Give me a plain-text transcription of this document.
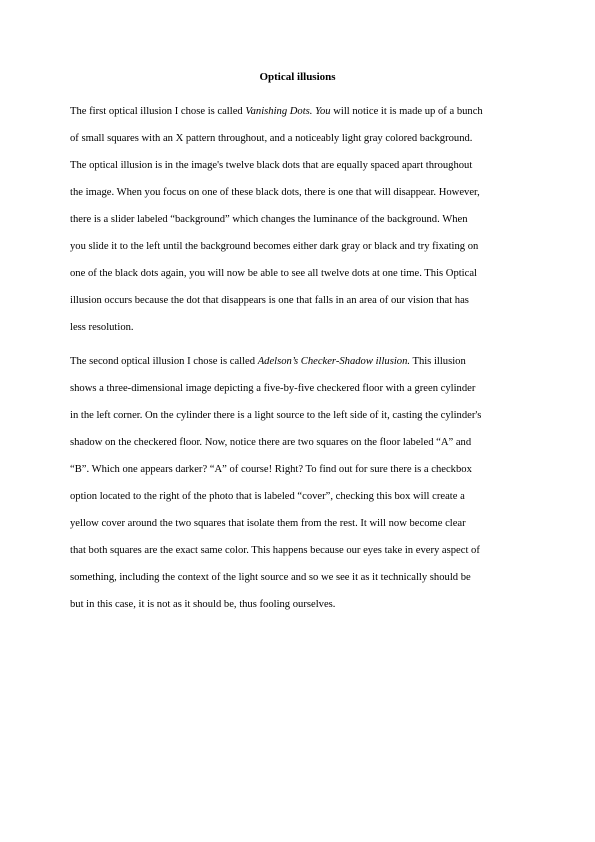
Optical illusions
The first optical illusion I chose is called Vanishing Dots. You will notice it is made up of a bunch
of small squares with an X pattern throughout, and a noticeably light gray colored background.
The optical illusion is in the image's twelve black dots that are equally spaced apart throughout
the image. When you focus on one of these black dots, there is one that will disappear. However,
there is a slider labeled “background” which changes the luminance of the background. When
you slide it to the left until the background becomes either dark gray or black and try fixating on
one of the black dots again, you will now be able to see all twelve dots at one time. This Optical
illusion occurs because the dot that disappears is one that falls in an area of our vision that has
less resolution.
The second optical illusion I chose is called Adelson’s Checker-Shadow illusion. This illusion
shows a three-dimensional image depicting a five-by-five checkered floor with a green cylinder
in the left corner. On the cylinder there is a light source to the left side of it, casting the cylinder's
shadow on the checkered floor. Now, notice there are two squares on the floor labeled “A” and
“B”. Which one appears darker? “A” of course! Right? To find out for sure there is a checkbox
option located to the right of the photo that is labeled “cover”, checking this box will create a
yellow cover around the two squares that isolate them from the rest. It will now become clear
that both squares are the exact same color. This happens because our eyes take in every aspect of
something, including the context of the light source and so we see it as it technically should be
but in this case, it is not as it should be, thus fooling ourselves.
